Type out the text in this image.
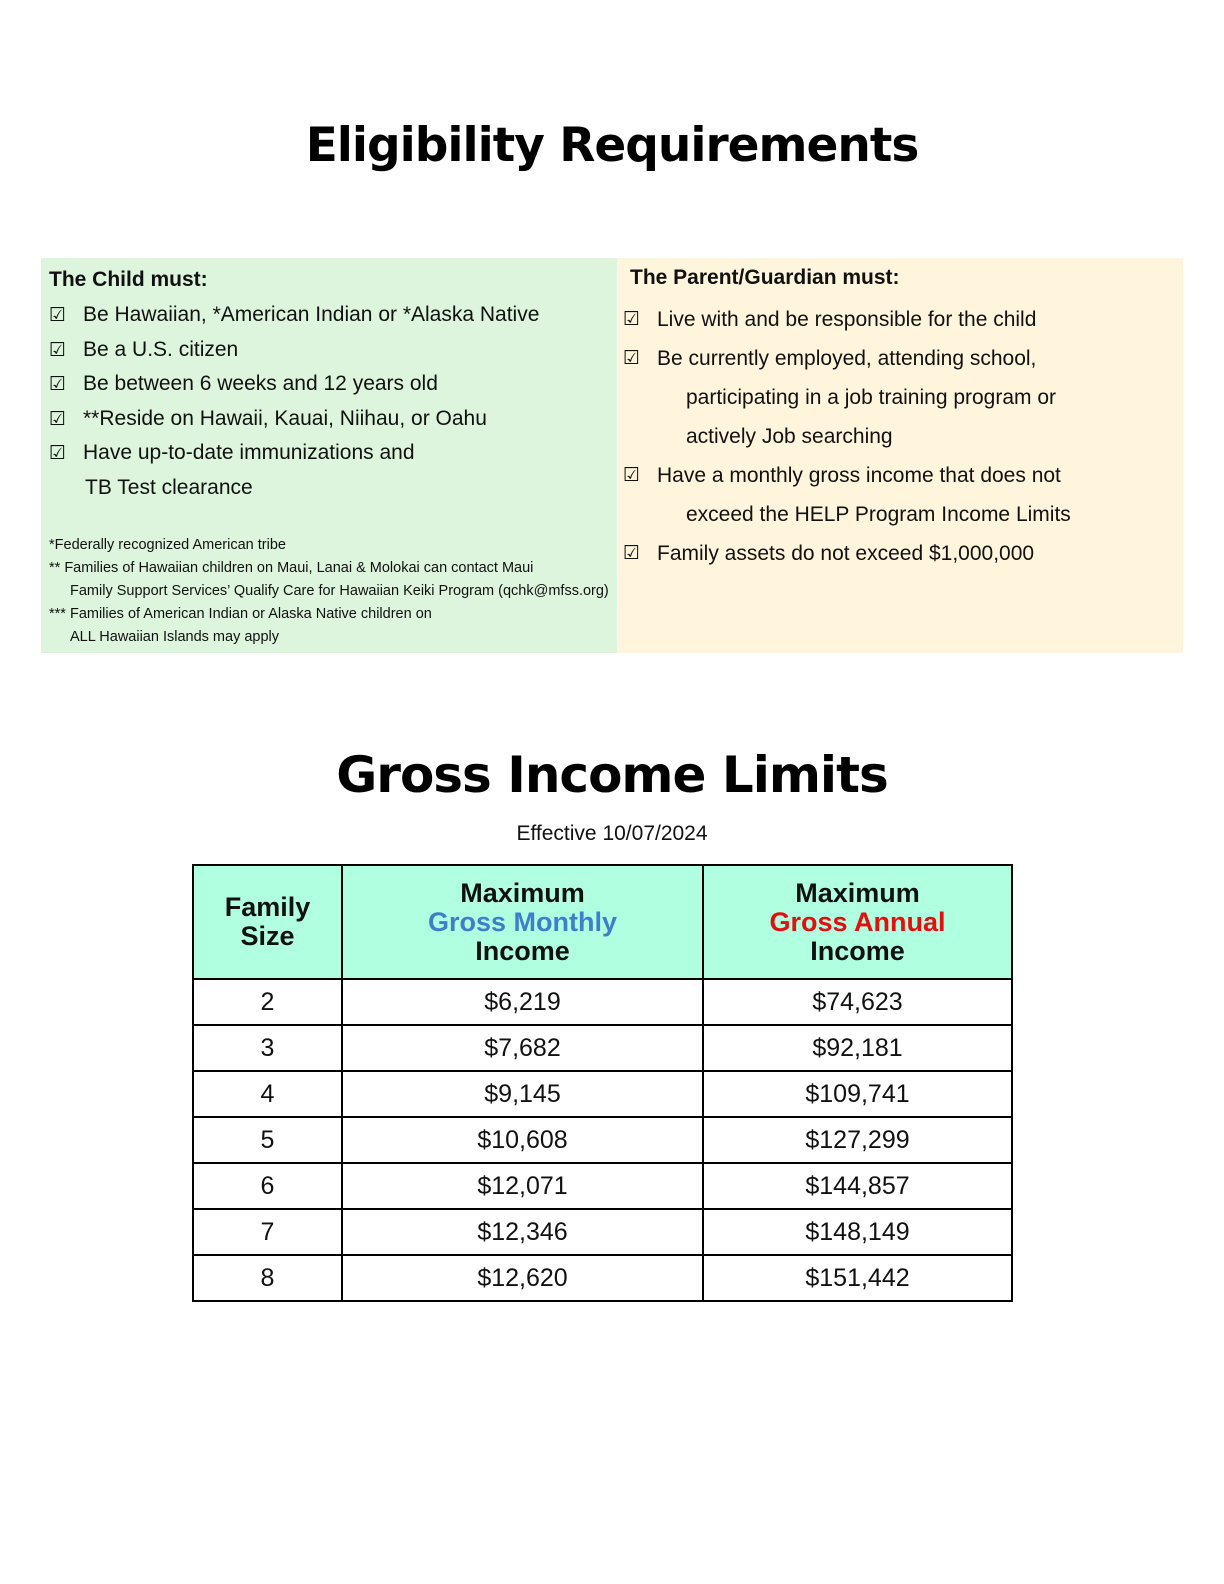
Eligibility Requirements
The Child must:
☑ Be Hawaiian, *American Indian or *Alaska Native
☑ Be a U.S. citizen
☑ Be between 6 weeks and 12 years old
☑ **Reside on Hawaii, Kauai, Niihau, or Oahu
☑ Have up-to-date immunizations and
TB Test clearance
*Federally recognized American tribe
** Families of Hawaiian children on Maui, Lanai & Molokai can contact Maui
Family Support Services’ Qualify Care for Hawaiian Keiki Program (qchk@mfss.org)
*** Families of American Indian or Alaska Native children on
ALL Hawaiian Islands may apply
The Parent/Guardian must:
☑ Live with and be responsible for the child
☑ Be currently employed, attending school,
participating in a job training program or
actively Job searching
☑ Have a monthly gross income that does not
exceed the HELP Program Income Limits
☑ Family assets do not exceed $1,000,000
Gross Income Limits
Effective 10/07/2024
Family
Size	Maximum
Gross Monthly
Income	Maximum
Gross Annual
Income
2	$6,219	$74,623
3	$7,682	$92,181
4	$9,145	$109,741
5	$10,608	$127,299
6	$12,071	$144,857
7	$12,346	$148,149
8	$12,620	$151,442
